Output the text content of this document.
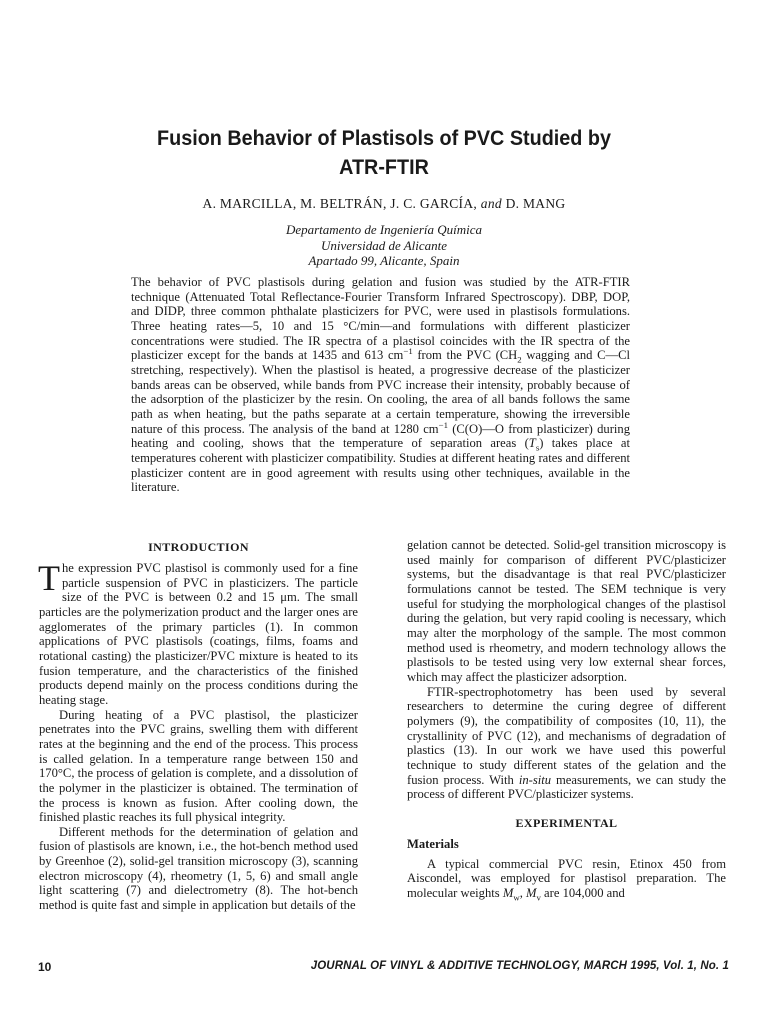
Fusion Behavior of Plastisols of PVC Studied by
ATR-FTIR
A. MARCILLA, M. BELTRÁN, J. C. GARCÍA, and D. MANG
Departamento de Ingeniería Química
Universidad de Alicante
Apartado 99, Alicante, Spain
The behavior of PVC plastisols during gelation and fusion was studied by the ATR-FTIR technique (Attenuated Total Reflectance-Fourier Transform Infrared Spectroscopy). DBP, DOP, and DIDP, three common phthalate plasticizers for PVC, were used in plastisols formulations. Three heating rates—5, 10 and 15 °C/min—and formulations with different plasticizer concentrations were studied. The IR spectra of a plastisol coincides with the IR spectra of the plasticizer except for the bands at 1435 and 613 $cm^{-1}$ from the PVC ($CH_2$ wagging and C—Cl stretching, respectively). When the plastisol is heated, a progressive decrease of the plasticizer bands areas can be observed, while bands from PVC increase their intensity, probably because of the adsorption of the plasticizer by the resin. On cooling, the area of all bands follows the same path as when heating, but the paths separate at a certain temperature, showing the irreversible nature of this process. The analysis of the band at 1280 $cm^{-1}$ (C(O)—O from plasticizer) during heating and cooling, shows that the temperature of separation areas $(T_s)$ takes place at temperatures coherent with plasticizer compatibility. Studies at different heating rates and different plasticizer content are in good agreement with results using other techniques, available in the literature.
INTRODUCTION

The expression PVC plastisol is commonly used for a fine particle suspension of PVC in plasticizers. The particle size of the PVC is between 0.2 and 15 μm. The small particles are the polymerization product and the larger ones are agglomerates of the primary particles (1). In common applications of PVC plastisols (coatings, films, foams and rotational casting) the plasticizer/PVC mixture is heated to its fusion temperature, and the characteristics of the finished products depend mainly on the process conditions during the heating stage.

During heating of a PVC plastisol, the plasticizer penetrates into the PVC grains, swelling them with different rates at the beginning and the end of the process. This process is called gelation. In a temperature range between 150 and 170°C, the process of gelation is complete, and a dissolution of the polymer in the plasticizer is obtained. The termination of the process is known as fusion. After cooling down, the finished plastic reaches its full physical integrity.

Different methods for the determination of gelation and fusion of plastisols are known, i.e., the hot-bench method used by Greenhoe (2), solid-gel transition microscopy (3), scanning electron microscopy (4), rheometry (1, 5, 6) and small angle light scattering (7) and dielectrometry (8). The hot-bench method is quite fast and simple in application but details of the

gelation cannot be detected. Solid-gel transition microscopy is used mainly for comparison of different PVC/plasticizer systems, but the disadvantage is that real PVC/plasticizer formulations cannot be tested. The SEM technique is very useful for studying the morphological changes of the plastisol during the gelation, but very rapid cooling is necessary, which may alter the morphology of the sample. The most common method used is rheometry, and modern technology allows the plastisols to be tested using very low external shear forces, which may affect the plasticizer adsorption.

FTIR-spectrophotometry has been used by several researchers to determine the curing degree of different polymers (9), the compatibility of composites (10, 11), the crystallinity of PVC (12), and mechanisms of degradation of plastics (13). In our work we have used this powerful technique to study different states of the gelation and the fusion process. With in-situ measurements, we can study the process of different PVC/plasticizer systems.

EXPERIMENTAL
Materials

A typical commercial PVC resin, Etinox 450 from Aiscondel, was employed for plastisol preparation. The molecular weights $M_w$, $M_v$ are 104,000 and

10	JOURNAL OF VINYL & ADDITIVE TECHNOLOGY, MARCH 1995, Vol. 1, No. 1
